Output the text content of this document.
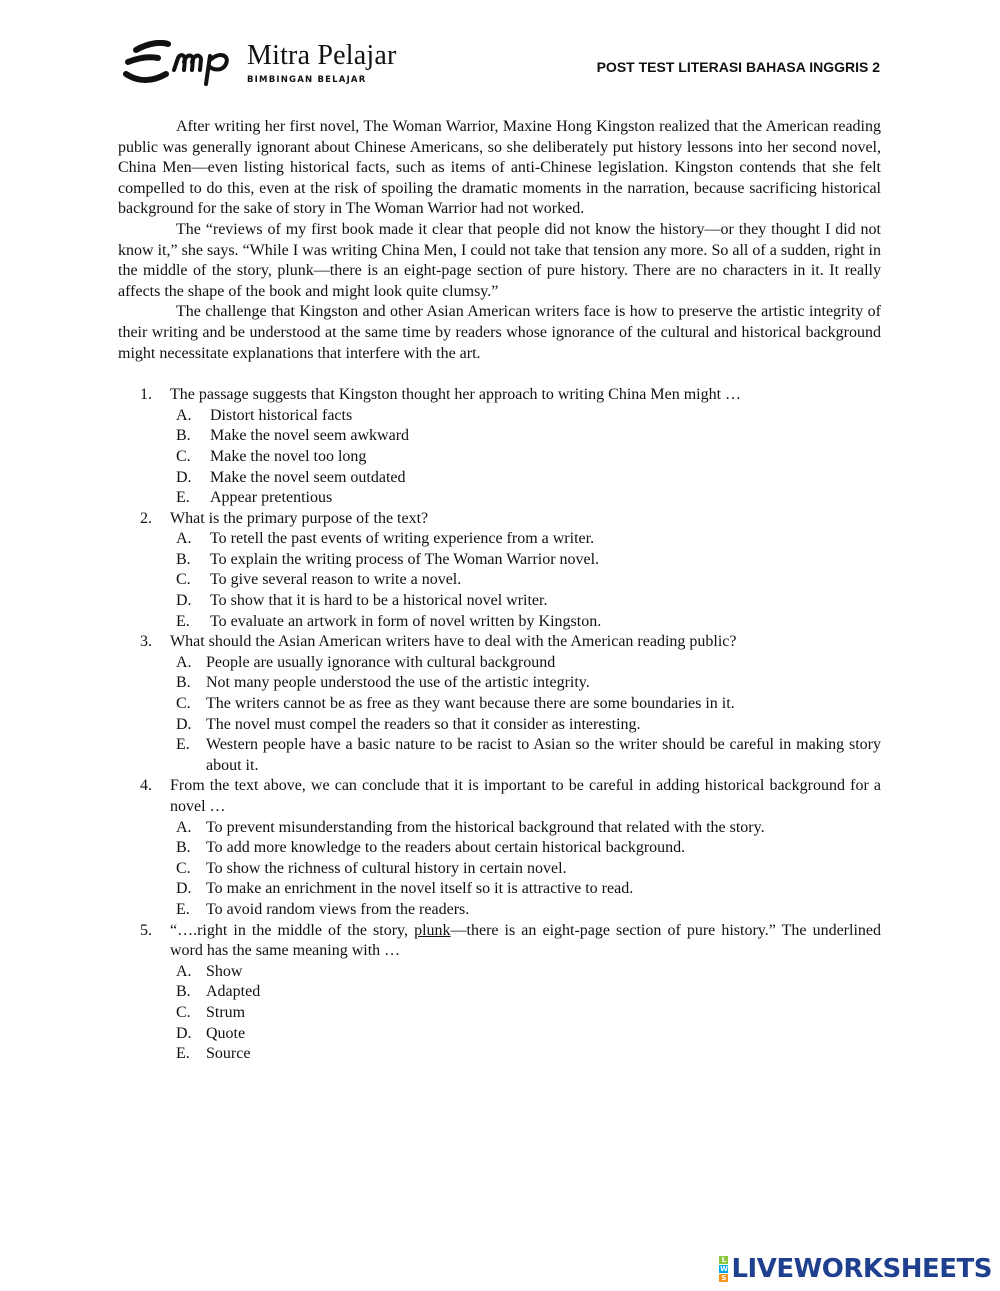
Mitra Pelajar
BIMBINGAN BELAJAR
POST TEST LITERASI BAHASA INGGRIS 2

After writing her first novel, The Woman Warrior, Maxine Hong Kingston realized that the American reading public was generally ignorant about Chinese Americans, so she deliberately put history lessons into her second novel, China Men—even listing historical facts, such as items of anti-Chinese legislation. Kingston contends that she felt compelled to do this, even at the risk of spoiling the dramatic moments in the narration, because sacrificing historical background for the sake of story in The Woman Warrior had not worked.

The “reviews of my first book made it clear that people did not know the history—or they thought I did not know it,” she says. “While I was writing China Men, I could not take that tension any more. So all of a sudden, right in the middle of the story, plunk—there is an eight-page section of pure history. There are no characters in it. It really affects the shape of the book and might look quite clumsy.”

The challenge that Kingston and other Asian American writers face is how to preserve the artistic integrity of their writing and be understood at the same time by readers whose ignorance of the cultural and historical background might necessitate explanations that interfere with the art.

1. The passage suggests that Kingston thought her approach to writing China Men might …
A. Distort historical facts
B. Make the novel seem awkward
C. Make the novel too long
D. Make the novel seem outdated
E. Appear pretentious
2. What is the primary purpose of the text?
A. To retell the past events of writing experience from a writer.
B. To explain the writing process of The Woman Warrior novel.
C. To give several reason to write a novel.
D. To show that it is hard to be a historical novel writer.
E. To evaluate an artwork in form of novel written by Kingston.
3. What should the Asian American writers have to deal with the American reading public?
A. People are usually ignorance with cultural background
B. Not many people understood the use of the artistic integrity.
C. The writers cannot be as free as they want because there are some boundaries in it.
D. The novel must compel the readers so that it consider as interesting.
E. Western people have a basic nature to be racist to Asian so the writer should be careful in making story about it.
4. From the text above, we can conclude that it is important to be careful in adding historical background for a novel …
A. To prevent misunderstanding from the historical background that related with the story.
B. To add more knowledge to the readers about certain historical background.
C. To show the richness of cultural history in certain novel.
D. To make an enrichment in the novel itself so it is attractive to read.
E. To avoid random views from the readers.
5. “….right in the middle of the story, plunk—there is an eight-page section of pure history.” The underlined word has the same meaning with …
A. Show
B. Adapted
C. Strum
D. Quote
E. Source
L
W
S LIVEWORKSHEETS
